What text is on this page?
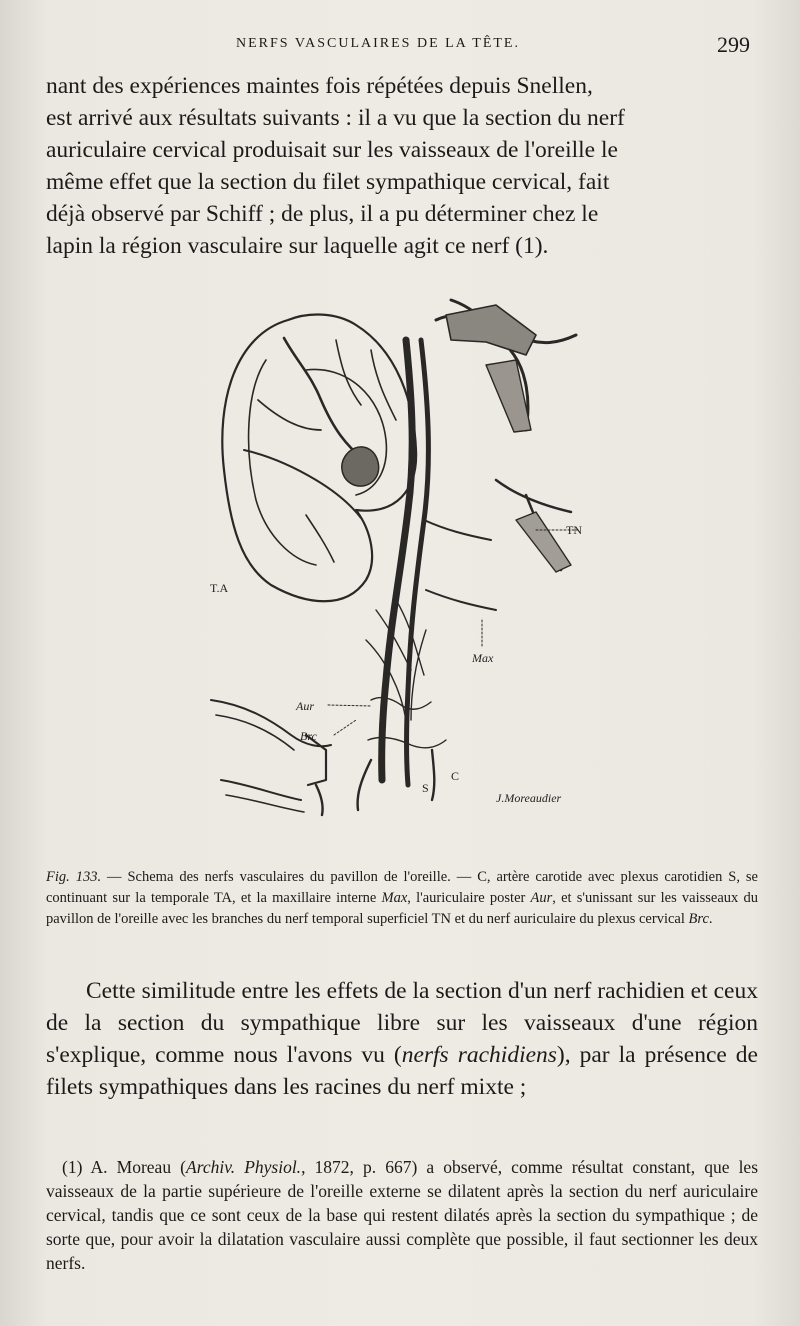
NERFS VASCULAIRES DE LA TÊTE.	299
nant des expériences maintes fois répétées depuis Snellen,
est arrivé aux résultats suivants : il a vu que la section du nerf
auriculaire cervical produisait sur les vaisseaux de l'oreille le
même effet que la section du filet sympathique cervical, fait
déjà observé par Schiff ; de plus, il a pu déterminer chez le
lapin la région vasculaire sur laquelle agit ce nerf (1).
T.A
TN
Max
Aur
Brc
C
S
J.Moreaudier
Fig. 133. — Schema des nerfs vasculaires du pavillon de l'oreille. — C, artère carotide avec plexus carotidien S, se continuant sur la temporale TA, et la maxillaire interne Max, l'auriculaire poster Aur, et s'unissant sur les vaisseaux du pavillon de l'oreille avec les branches du nerf temporal superficiel TN et du nerf auriculaire du plexus cervical Brc.
Cette similitude entre les effets de la section d'un nerf rachidien et ceux de la section du sympathique libre sur les vaisseaux d'une région s'explique, comme nous l'avons vu (nerfs rachidiens), par la présence de filets sympathiques dans les racines du nerf mixte ;
(1) A. Moreau (Archiv. Physiol., 1872, p. 667) a observé, comme résultat constant, que les vaisseaux de la partie supérieure de l'oreille externe se dilatent après la section du nerf auriculaire cervical, tandis que ce sont ceux de la base qui restent dilatés après la section du sympathique ; de sorte que, pour avoir la dilatation vasculaire aussi complète que possible, il faut sectionner les deux nerfs.
